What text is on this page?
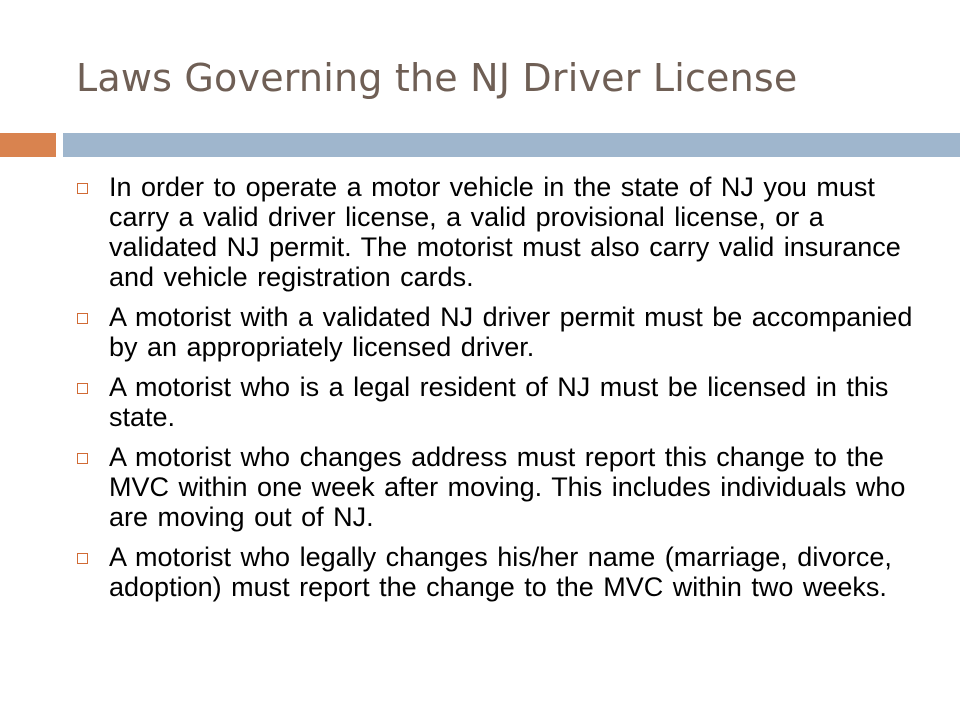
Laws Governing the NJ Driver License
In order to operate a motor vehicle in the state of NJ you must carry a valid driver license, a valid provisional license, or a validated NJ permit. The motorist must also carry valid insurance and vehicle registration cards.
A motorist with a validated NJ driver permit must be accompanied by an appropriately licensed driver.
A motorist who is a legal resident of NJ must be licensed in this state.
A motorist who changes address must report this change to the MVC within one week after moving. This includes individuals who are moving out of NJ.
A motorist who legally changes his/her name (marriage, divorce, adoption) must report the change to the MVC within two weeks.
